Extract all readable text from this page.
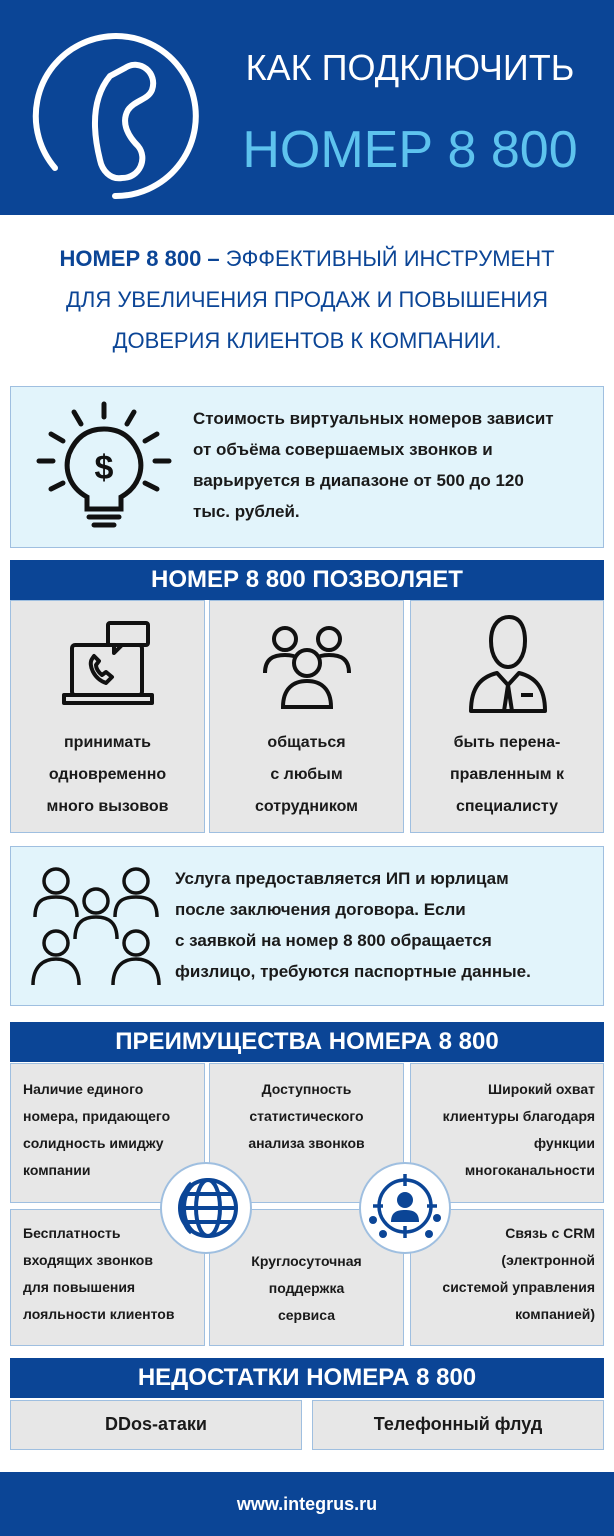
КАК ПОДКЛЮЧИТЬ
НОМЕР 8 800
НОМЕР 8 800 – ЭФФЕКТИВНЫЙ ИНСТРУМЕНТ
ДЛЯ УВЕЛИЧЕНИЯ ПРОДАЖ И ПОВЫШЕНИЯ
ДОВЕРИЯ КЛИЕНТОВ К КОМПАНИИ.
$
Стоимость виртуальных номеров зависит
от объёма совершаемых звонков и
варьируется в диапазоне от 500 до 120
тыс. рублей.
НОМЕР 8 800 ПОЗВОЛЯЕТ
принимать
одновременно
много вызовов
общаться
с любым
сотрудником
быть перена-
правленным к
специалисту
Услуга предоставляется ИП и юрлицам
после заключения договора. Если
с заявкой на номер 8 800 обращается
физлицо, требуются паспортные данные.
ПРЕИМУЩЕСТВА НОМЕРА 8 800
Наличие единого
номера, придающего
солидность имиджу
компании
Доступность
статистического
анализа звонков
Широкий охват
клиентуры благодаря
функции
многоканальности
Бесплатность
входящих звонков
для повышения
лояльности клиентов
Круглосуточная
поддержка
сервиса
Связь с CRM
(электронной
системой управления
компанией)
НЕДОСТАТКИ НОМЕРА 8 800
DDos-атаки	Телефонный флуд
www.integrus.ru
